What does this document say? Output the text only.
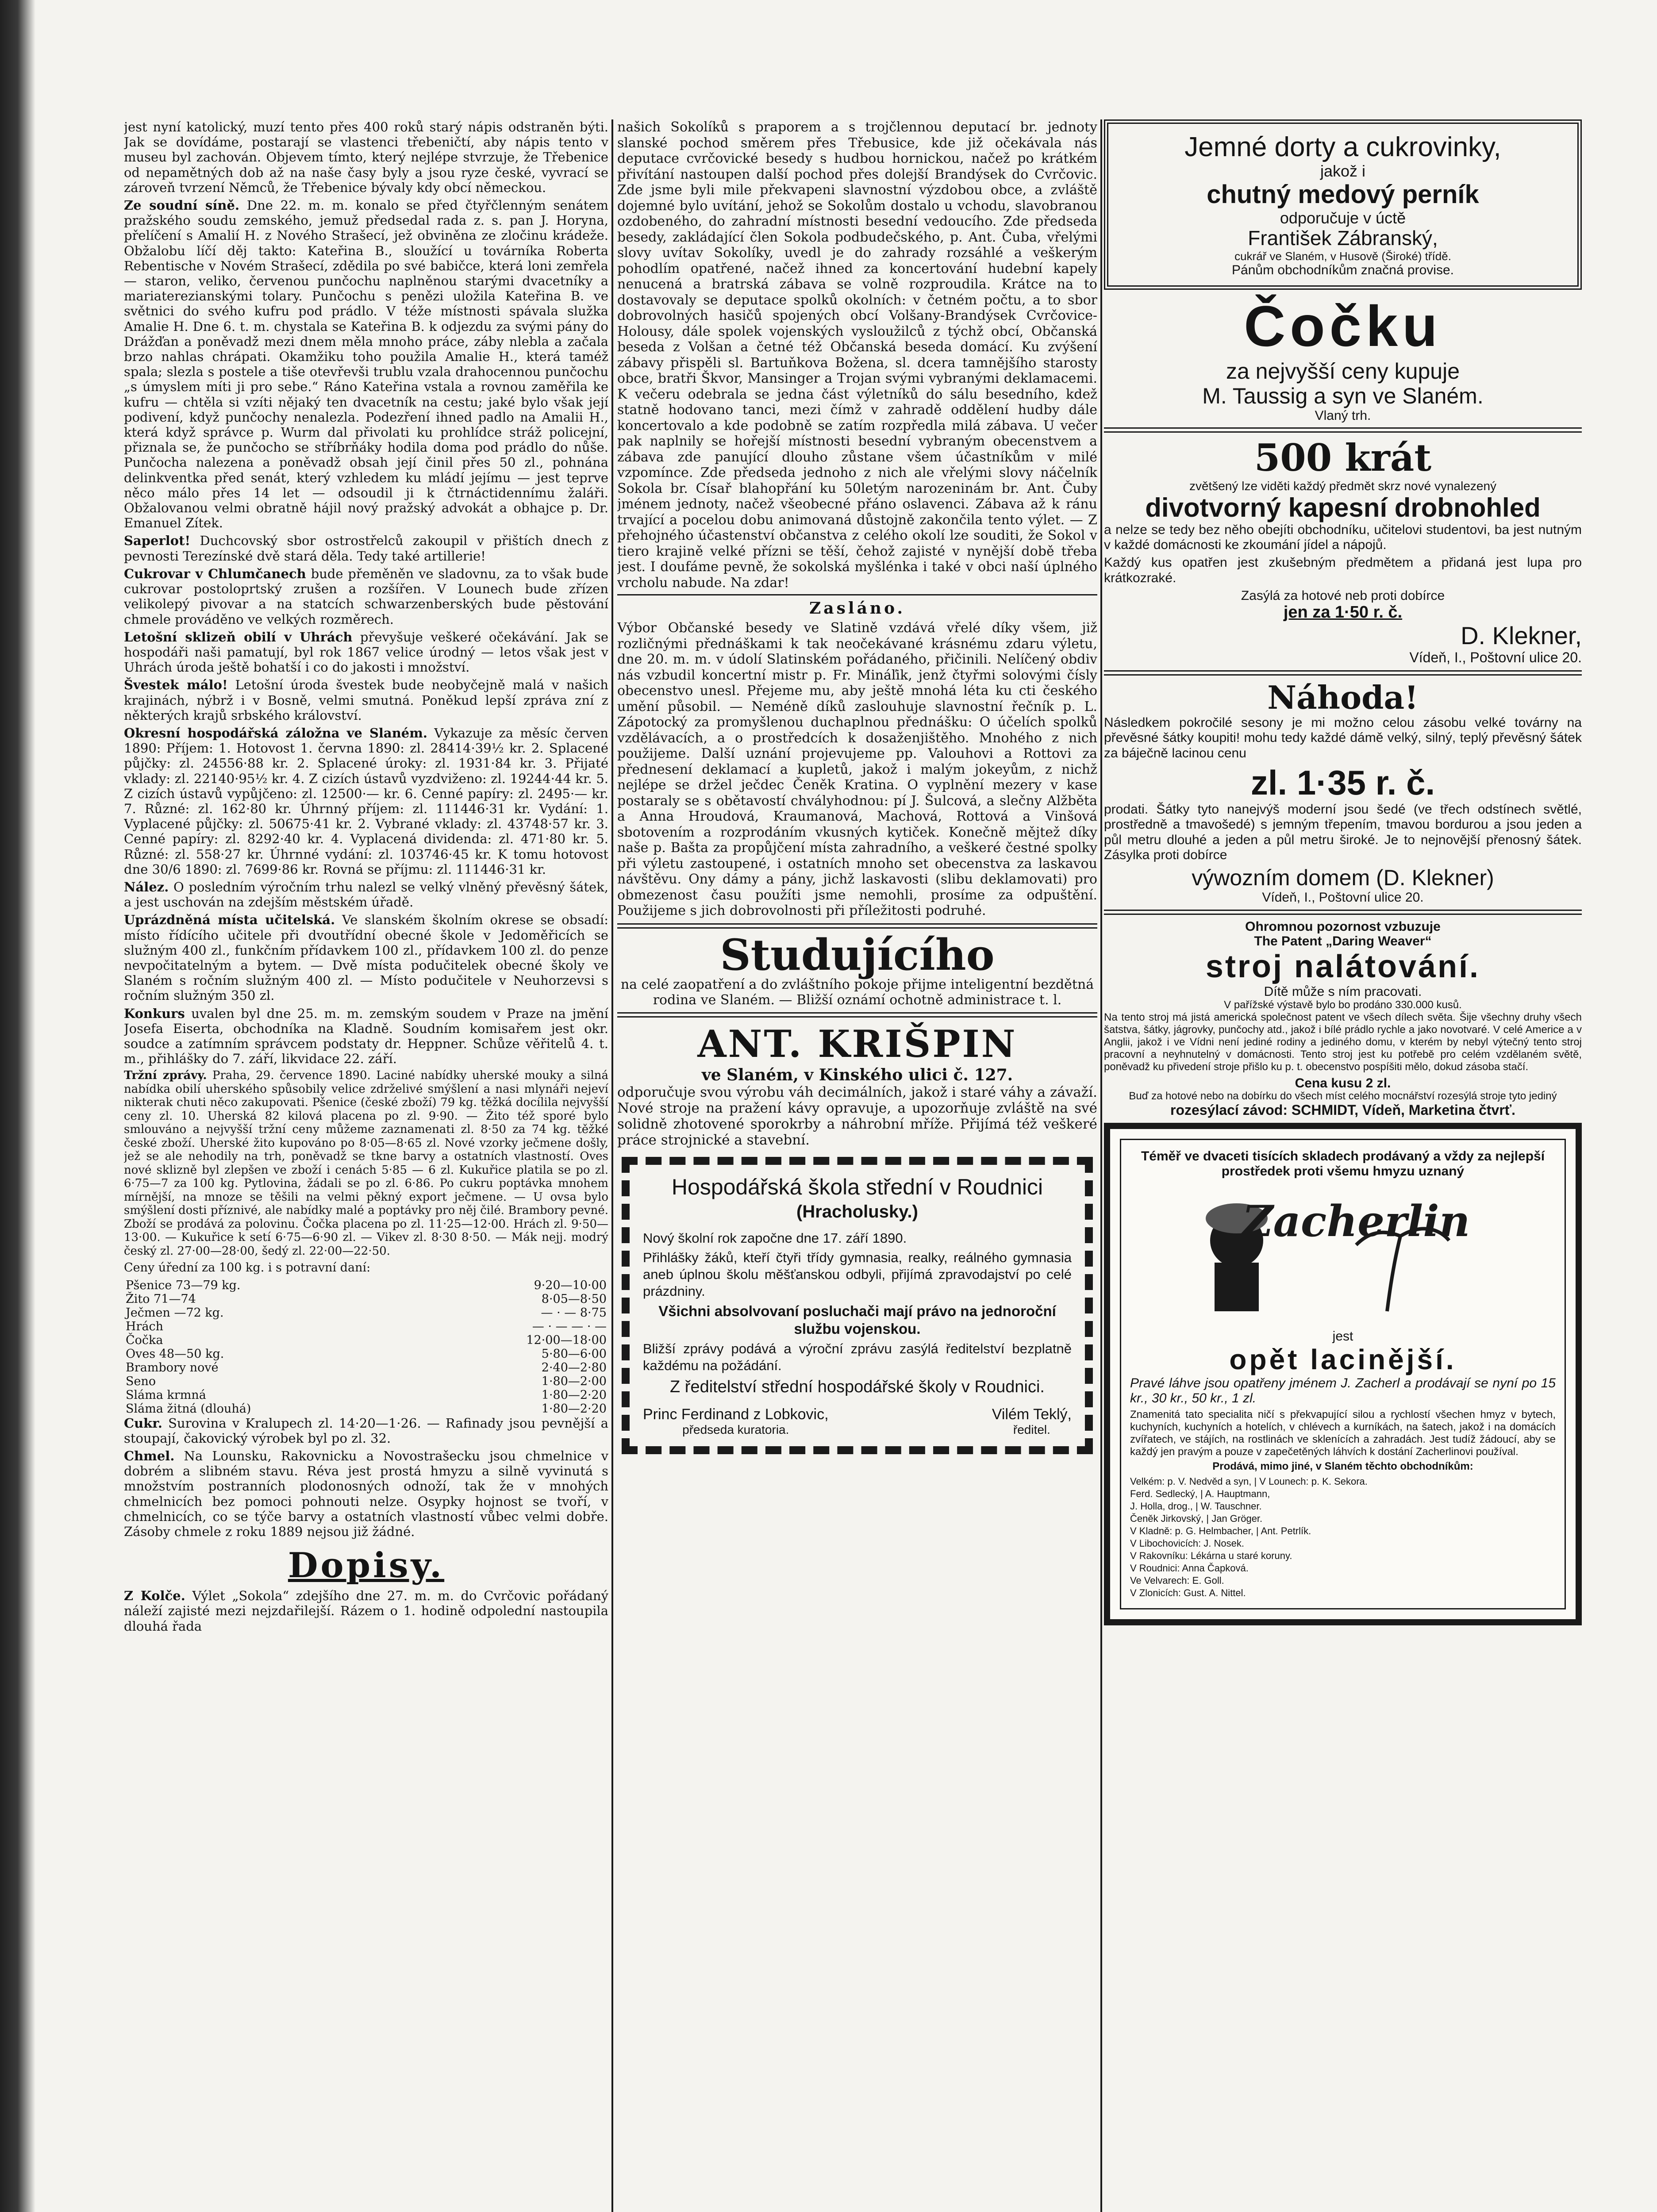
jest nyní katolický, muzí tento přes 400 roků starý nápis odstraněn býti. Jak se dovídáme, postarají se vlastenci třebeničtí, aby nápis tento v museu byl zachován. Objevem tímto, který nejlépe stvrzuje, že Třebenice od nepamětných dob až na naše časy byly a jsou ryze české, vyvrací se zároveň tvrzení Němců, že Třebenice bývaly kdy obcí německou.

Ze soudní síně. Dne 22. m. m. konalo se před čtyřčlenným senátem pražského soudu zemského, jemuž předsedal rada z. s. pan J. Horyna, přelíčení s Amalií H. z Nového Strašecí, jež obviněna ze zločinu krádeže. Obžalobu líčí děj takto: Kateřina B., sloužící u továrníka Roberta Rebentische v Novém Strašecí, zdědila po své babičce, která loni zemřela — staron, veliko, červenou punčochu naplněnou starými dvacetníky a mariaterezianskými tolary. Punčochu s penězi uložila Kateřina B. ve světnici do svého kufru pod prádlo. V téže místnosti spávala služka Amalie H. Dne 6. t. m. chystala se Kateřina B. k odjezdu za svými pány do Drážďan a poněvadž mezi dnem měla mnoho práce, záby nlebla a začala brzo nahlas chrápati. Okamžiku toho použila Amalie H., která taméž spala; slezla s postele a tiše otevřevši trublu vzala drahocennou punčochu „s úmyslem míti ji pro sebe.“ Ráno Kateřina vstala a rovnou zaměřila ke kufru — chtěla si vzíti nějaký ten dvacetník na cestu; jaké bylo však její podivení, když punčochy nenalezla. Podezření ihned padlo na Amalii H., která když správce p. Wurm dal přivolati ku prohlídce stráž policejní, přiznala se, že punčocho se stříbrňáky hodila doma pod prádlo do nůše. Punčocha nalezena a poněvadž obsah její činil přes 50 zl., pohnána delinkventka před senát, který vzhledem ku mládí jejímu — jest teprve něco málo přes 14 let — odsoudil ji k čtrnáctidennímu žaláři. Obžalovanou velmi obratně hájil nový pražský advokát a obhajce p. Dr. Emanuel Zítek.

Saperlot! Duchcovský sbor ostrostřelců zakoupil v přištích dnech z pevnosti Terezínské dvě stará děla. Tedy také artillerie!

Cukrovar v Chlumčanech bude přeměněn ve sladovnu, za to však bude cukrovar postoloprtský zrušen a rozšířen. V Lounech bude zřízen velikolepý pivovar a na statcích schwarzenberských bude pěstování chmele prováděno ve velkých rozměrech.

Letošní sklizeň obilí v Uhrách převyšuje veškeré očekávání. Jak se hospodáři naši pamatují, byl rok 1867 velice úrodný — letos však jest v Uhrách úroda ještě bohatší i co do jakosti i množství.

Švestek málo! Letošní úroda švestek bude neobyčejně malá v našich krajinách, nýbrž i v Bosně, velmi smutná. Poněkud lepší zpráva zní z některých krajů srbského království.

Okresní hospodářská záložna ve Slaném. Vykazuje za měsíc červen 1890: Příjem: 1. Hotovost 1. června 1890: zl. 28414·39½ kr. 2. Splacené půjčky: zl. 24556·88 kr. 2. Splacené úroky: zl. 1931·84 kr. 3. Přijaté vklady: zl. 22140·95½ kr. 4. Z cizích ústavů vyzdviženo: zl. 19244·44 kr. 5. Z cizích ústavů vypůjčeno: zl. 12500·— kr. 6. Cenné papíry: zl. 2495·— kr. 7. Různé: zl. 162·80 kr. Úhrnný příjem: zl. 111446·31 kr. Vydání: 1. Vyplacené půjčky: zl. 50675·41 kr. 2. Vybrané vklady: zl. 43748·57 kr. 3. Cenné papíry: zl. 8292·40 kr. 4. Vyplacená dividenda: zl. 471·80 kr. 5. Různé: zl. 558·27 kr. Úhrnné vydání: zl. 103746·45 kr. K tomu hotovost dne 30/6 1890: zl. 7699·86 kr. Rovná se příjmu: zl. 111446·31 kr.

Nález. O posledním výročním trhu nalezl se velký vlněný převěsný šátek, a jest uschován na zdejším městském úřadě.

Uprázdněná místa učitelská. Ve slanském školním okrese se obsadí: místo řídícího učitele při dvoutřídní obecné škole v Jedoměřicích se služným 400 zl., funkčním přídavkem 100 zl., přídavkem 100 zl. do penze nevpočitatelným a bytem. — Dvě místa podučitelek obecné školy ve Slaném s ročním služným 400 zl. — Místo podučitele v Neuhorzevsi s ročním služným 350 zl.

Konkurs uvalen byl dne 25. m. m. zemským soudem v Praze na jmění Josefa Eiserta, obchodníka na Kladně. Soudním komisařem jest okr. soudce a zatímním správcem podstaty dr. Heppner. Schůze věřitelů 4. t. m., přihlášky do 7. září, likvidace 22. září.

Tržní zprávy. Praha, 29. července 1890. Laciné nabídky uherské mouky a silná nabídka obilí uherského spůsobily velice zdrželivé smýšlení a nasi mlynáři nejeví nikterak chuti něco zakupovati. Pšenice (české zboží) 79 kg. těžká docílila nejvyšší ceny zl. 10. Uherská 82 kilová placena po zl. 9·90. — Žito též sporé bylo smlouváno a nejvyšší tržní ceny můžeme zaznamenati zl. 8·50 za 74 kg. těžké české zboží. Uherské žito kupováno po 8·05—8·65 zl. Nové vzorky ječmene došly, jež se ale nehodily na trh, poněvadž se tkne barvy a ostatních vlastností. Oves nové sklizně byl zlepšen ve zboží i cenách 5·85 — 6 zl. Kukuřice platila se po zl. 6·75—7 za 100 kg. Pytlovina, žádali se po zl. 6·86. Po cukru poptávka mnohem mírnější, na mnoze se těšili na velmi pěkný export ječmene. — U ovsa bylo smýšlení dosti příznivé, ale nabídky malé a poptávky pro něj čilé. Brambory pevné. Zboží se prodává za polovinu. Čočka placena po zl. 11·25—12·00. Hrách zl. 9·50—13·00. — Kukuřice k setí 6·75—6·90 zl. — Vikev zl. 8·30 8·50. — Mák nejj. modrý český zl. 27·00—28·00, šedý zl. 22·00—22·50.

Ceny úřední za 100 kg. i s potravní daní:

Pšenice 73—79 kg.	9·20—10·00
Žito 71—74	8·05—8·50
Ječmen —72 kg.	— · — 8·75
Hrách	— · — — · —
Čočka	12·00—18·00
Oves 48—50 kg.	5·80—6·00
Brambory nové	2·40—2·80
Seno	1·80—2·00
Sláma krmná	1·80—2·20
Sláma žitná (dlouhá)	1·80—2·20

Cukr. Surovina v Kralupech zl. 14·20—1·26. — Rafinady jsou pevnější a stoupají, čakovický výrobek byl po zl. 32.

Chmel. Na Lounsku, Rakovnicku a Novostrašecku jsou chmelnice v dobrém a slibném stavu. Réva jest prostá hmyzu a silně vyvinutá s množstvím postranních plodonosných odnoží, tak že v mnohých chmelnicích bez pomoci pohnouti nelze. Osypky hojnost se tvoří, v chmelnicích, co se týče barvy a ostatních vlastností vůbec velmi dobře. Zásoby chmele z roku 1889 nejsou již žádné.

Dopisy.

Z Kolče. Výlet „Sokola“ zdejšího dne 27. m. m. do Cvrčovic pořádaný náleží zajisté mezi nejzdařilejší. Rázem o 1. hodině odpolední nastoupila dlouhá řada

našich Sokolíků s praporem a s trojčlennou deputací br. jednoty slanské pochod směrem přes Třebusice, kde již očekávala nás deputace cvrčovické besedy s hudbou hornickou, načež po krátkém přivítání nastoupen další pochod přes dolejší Brandýsek do Cvrčovic. Zde jsme byli mile překvapeni slavnostní výzdobou obce, a zvláště dojemné bylo uvítání, jehož se Sokolům dostalo u vchodu, slavobranou ozdobeného, do zahradní místnosti besední vedoucího. Zde předseda besedy, zakládající člen Sokola podbudečského, p. Ant. Čuba, vřelými slovy uvítav Sokolíky, uvedl je do zahrady rozsáhlé a veškerým pohodlím opatřené, načež ihned za koncertování hudební kapely nenucená a bratrská zábava se volně rozproudila. Krátce na to dostavovaly se deputace spolků okolních: v četném počtu, a to sbor dobrovolných hasičů spojených obcí Volšany-Brandýsek Cvrčovice-Holousy, dále spolek vojenských vysloužilců z týchž obcí, Občanská beseda z Volšan a četné též Občanská beseda domácí. Ku zvýšení zábavy přispěli sl. Bartuňkova Božena, sl. dcera tamnějšího starosty obce, bratři Škvor, Mansinger a Trojan svými vybranými deklamacemi. K večeru odebrala se jedna část výletníků do sálu besedního, kdež statně hodovano tanci, mezi čímž v zahradě oddělení hudby dále koncertovalo a kde podobně se zatím rozpředla milá zábava. U večer pak naplnily se hořejší místnosti besední vybraným obecenstvem a zábava zde panující dlouho zůstane všem účastníkům v milé vzpomínce. Zde předseda jednoho z nich ale vřelými slovy náčelník Sokola br. Císař blahopřání ku 50letým narozeninám br. Ant. Čuby jménem jednoty, načež všeobecné přáno oslavenci. Zábava až k ránu trvající a pocelou dobu animovaná důstojně zakončila tento výlet. — Z přehojného účastenství občanstva z celého okolí lze souditi, že Sokol v tiero krajině velké přízni se těší, čehož zajisté v nynější době třeba jest. I doufáme pevně, že sokolská myšlénka i také v obci naší úplného vrcholu nabude. Na zdar!

Zasláno.

Výbor Občanské besedy ve Slatině vzdává vřelé díky všem, již rozličnými přednáškami k tak neočekávané krásnému zdaru výletu, dne 20. m. m. v údolí Slatinském pořádaného, přičinili. Nelíčený obdiv nás vzbudil koncertní mistr p. Fr. Mináľik, jenž čtyřmi solovými čísly obecenstvo unesl. Přejeme mu, aby ještě mnohá léta ku cti českého umění působil. — Neméně díků zaslouhuje slavnostní řečník p. L. Zápotocký za promyšlenou duchaplnou přednášku: O účelích spolků vzdělávacích, a o prostředcích k dosaženjištěho. Mnohého z nich použijeme. Další uznání projevujeme pp. Valouhovi a Rottovi za přednesení deklamací a kupletů, jakož i malým jokeyům, z nichž nejlépe se držel ječdec Čeněk Kratina. O vyplnění mezery v kase postaraly se s obětavostí chvályhodnou: pí J. Šulcová, a slečny Alžběta a Anna Hroudová, Kraumanová, Machová, Rottová a Vinšová sbotovením a rozprodáním vkusných kytiček. Konečně mějtež díky naše p. Bašta za propůjčení místa zahradního, a veškeré čestné spolky při výletu zastoupené, i ostatních mnoho set obecenstva za laskavou návštěvu. Ony dámy a pány, jichž laskavosti (slibu deklamovati) pro obmezenost času použíti jsme nemohli, prosíme za odpuštění. Použijeme s jich dobrovolnosti při příležitosti podruhé.

Studujícího

na celé zaopatření a do zvláštního pokoje přijme inteligentní bezdětná rodina ve Slaném. — Bližší oznámí ochotně administrace t. l.

ANT. KRIŠPIN
ve Slaném, v Kinského ulici č. 127.

odporučuje svou výrobu váh decimálních, jakož i staré váhy a závaží. Nové stroje na pražení kávy opravuje, a upozorňuje zvláště na své solidně zhotovené sporokrby a náhrobní mříže. Přijímá též veškeré práce strojnické a stavební.

Hospodářská škola střední v Roudnici
(Hracholusky.)

Nový školní rok započne dne 17. září 1890.

Přihlášky žáků, kteří čtyři třídy gymnasia, realky, reálného gymnasia aneb úplnou školu měšťanskou odbyli, přijímá zpravodajství po celé prázdniny.

Všichni absolvovaní posluchači mají právo na jednoroční službu vojenskou.

Bližší zprávy podává a výroční zprávu zasýlá ředitelství bezplatně každému na požádání.

Z ředitelství střední hospodářské školy v Roudnici.

Princ Ferdinand z Lobkovic,
předseda kuratoria.
Vilém Teklý,
ředitel.
Jemné dorty a cukrovinky,
jakož i
chutný medový perník
odporučuje v úctě
František Zábranský,
cukrář ve Slaném, v Husově (Široké) třídě.
Pánům obchodníkům značná provise.
Čočku
za nejvyšší ceny kupuje
M. Taussig a syn ve Slaném.
Vlaný trh.
500 krát
zvětšený lze viděti každý předmět skrz nové vynalezený
divotvorný kapesní drobnohled

a nelze se tedy bez něho obejíti obchodníku, učitelovi studentovi, ba jest nutným v každé domácnosti ke zkoumání jídel a nápojů.

Každý kus opatřen jest zkušebným předmětem a přidaná jest lupa pro krátkozraké.

Zasýlá za hotové neb proti dobírce
jen za 1·50 r. č.
D. Klekner,
Vídeň, I., Poštovní ulice 20.
Náhoda!

Následkem pokročilé sesony je mi možno celou zásobu velké továrny na převěsné šátky koupiti! mohu tedy každé dámě velký, silný, teplý převěsný šátek za báječně lacinou cenu

zl. 1·35 r. č.

prodati. Šátky tyto nanejvýš moderní jsou šedé (ve třech odstínech světlé, prostředně a tmavošedé) s jemným třepením, tmavou bordurou a jsou jeden a půl metru dlouhé a jeden a půl metru široké. Je to nejnovější přenosný šátek. Zásylka proti dobírce

výwozním domem (D. Klekner)
Vídeň, I., Poštovní ulice 20.
Ohromnou pozornost vzbuzuje
The Patent „Daring Weaver“
stroj nalátování.
Dítě může s ním pracovati.
V pařížské výstavě bylo bo prodáno 330.000 kusů.

Na tento stroj má jistá americká společnost patent ve všech dílech světa. Šije všechny druhy všech šatstva, šátky, jágrovky, punčochy atd., jakož i bílé prádlo rychle a jako novotvaré. V celé Americe a v Anglii, jakož i ve Vídni není jediné rodiny a jediného domu, v kterém by nebyl výtečný tento stroj pracovní a neyhnutelný v domácnosti. Tento stroj jest ku potřebě pro celém vzdělaném světě, poněvadž ku přivedení stroje přišlo ku p. t. obecenstvo pospíšiti mělo, dokud zásoba stačí.

Cena kusu 2 zl.
Buď za hotové nebo na dobírku do všech míst celého mocnářství rozesýlá stroje tyto jediný
rozesýlací závod: SCHMIDT, Vídeň, Marketina čtvrť.
Téměř ve dvaceti tisících skladech prodávaný a vždy za nejlepší prostředek proti všemu hmyzu uznaný
Zacherlin
jest
opět lacinější.

Pravé láhve jsou opatřeny jménem J. Zacherl a prodávají se nyní po 15 kr., 30 kr., 50 kr., 1 zl.

Znamenitá tato specialita ničí s překvapující silou a rychlostí všechen hmyz v bytech, kuchyních, kuchyních a hotelích, v chlévech a kurníkách, na šatech, jakož i na domácích zvířatech, ve stájích, na rostlinách ve sklenících a zahradách. Jest tudíž žádoucí, aby se každý jen pravým a pouze v zapečetěných láhvích k dostání Zacherlinovi používal.

Prodává, mimo jiné, v Slaném těchto obchodníkům:
Velkém: p. V. Nedvěd a syn, | V Lounech: p. K. Sekora.
Ferd. Sedlecký, | A. Hauptmann,
J. Holla, drog., | W. Tauschner.
Čeněk Jirkovský, | Jan Gröger.
V Kladně: p. G. Helmbacher, | Ant. Petrlík.
V Libochovicích: J. Nosek.
V Rakovníku: Lékárna u staré koruny.
V Roudnici: Anna Čapková.
Ve Velvarech: E. Goll.
V Zlonicích: Gust. A. Nittel.
